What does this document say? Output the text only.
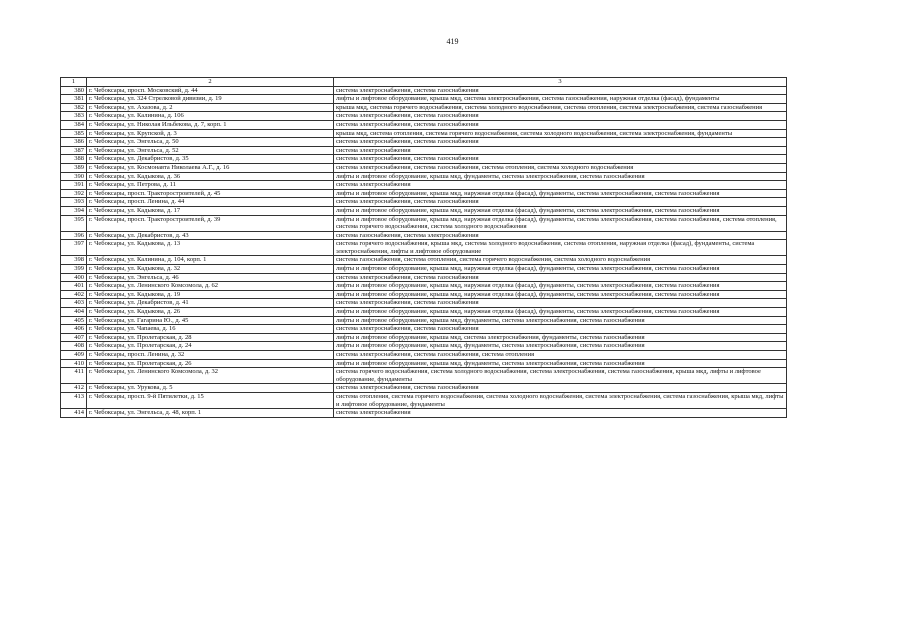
419
1	2	3
380	г. Чебоксары, просп. Московский, д. 44	система электроснабжения, система газоснабжения
381	г. Чебоксары, ул. 324 Стрелковой дивизии, д. 19	лифты и лифтовое оборудование, крыша мкд, система электроснабжения, система газоснабжения, наружная отделка (фасад), фундаменты
382	г. Чебоксары, ул. Ахазова, д. 2	крыша мкд, система горячего водоснабжения, система холодного водоснабжения, система отопления, система электроснабжения, система газоснабжения
383	г. Чебоксары, ул. Калинина, д. 106	система электроснабжения, система газоснабжения
384	г. Чебоксары, ул. Николая Ильбекова, д. 7, корп. 1	система электроснабжения, система газоснабжения
385	г. Чебоксары, ул. Крупской, д. 3	крыша мкд, система отопления, система горячего водоснабжения, система холодного водоснабжения, система электроснабжения, фундаменты
386	г. Чебоксары, ул. Энгельса, д. 50	система электроснабжения, система газоснабжения
387	г. Чебоксары, ул. Энгельса, д. 52	система электроснабжения
388	г. Чебоксары, ул. Декабристов, д. 35	система электроснабжения, система газоснабжения
389	г. Чебоксары, ул. Космонавта Николаева А.Г., д. 16	система электроснабжения, система газоснабжения, система отопления, система холодного водоснабжения
390	г. Чебоксары, ул. Кадыкова, д. 36	лифты и лифтовое оборудование, крыша мкд, фундаменты, система электроснабжения, система газоснабжения
391	г. Чебоксары, ул. Петрова, д. 11	система электроснабжения
392	г. Чебоксары, просп. Тракторостроителей, д. 45	лифты и лифтовое оборудование, крыша мкд, наружная отделка (фасад), фундаменты, система электроснабжения, система газоснабжения
393	г. Чебоксары, просп. Ленина, д. 44	система электроснабжения, система газоснабжения
394	г. Чебоксары, ул. Кадыкова, д. 17	лифты и лифтовое оборудование, крыша мкд, наружная отделка (фасад), фундаменты, система электроснабжения, система газоснабжения
395	г. Чебоксары, просп. Тракторостроителей, д. 39	лифты и лифтовое оборудование, крыша мкд, наружная отделка (фасад), фундаменты, система электроснабжения, система газоснабжения, система отопления, система горячего водоснабжения, система холодного водоснабжения
396	г. Чебоксары, ул. Декабристов, д. 43	система газоснабжения, система электроснабжения
397	г. Чебоксары, ул. Кадыкова, д. 13	система горячего водоснабжения, крыша мкд, система холодного водоснабжения, система отопления, наружная отделка (фасад), фундаменты, система электроснабжения, лифты и лифтовое оборудование
398	г. Чебоксары, ул. Калинина, д. 104, корп. 1	система газоснабжения, система отопления, система горячего водоснабжения, система холодного водоснабжения
399	г. Чебоксары, ул. Кадыкова, д. 32	лифты и лифтовое оборудование, крыша мкд, наружная отделка (фасад), фундаменты, система электроснабжения, система газоснабжения
400	г. Чебоксары, ул. Энгельса, д. 46	система электроснабжения, система газоснабжения
401	г. Чебоксары, ул. Ленинского Комсомола, д. 62	лифты и лифтовое оборудование, крыша мкд, наружная отделка (фасад), фундаменты, система электроснабжения, система газоснабжения
402	г. Чебоксары, ул. Кадыкова, д. 19	лифты и лифтовое оборудование, крыша мкд, наружная отделка (фасад), фундаменты, система электроснабжения, система газоснабжения
403	г. Чебоксары, ул. Декабристов, д. 41	система электроснабжения, система газоснабжения
404	г. Чебоксары, ул. Кадыкова, д. 26	лифты и лифтовое оборудование, крыша мкд, наружная отделка (фасад), фундаменты, система электроснабжения, система газоснабжения
405	г. Чебоксары, ул. Гагарина Ю., д. 45	лифты и лифтовое оборудование, крыша мкд, фундаменты, система электроснабжения, система газоснабжения
406	г. Чебоксары, ул. Чапаева, д. 16	система электроснабжения, система газоснабжения
407	г. Чебоксары, ул. Пролетарская, д. 28	лифты и лифтовое оборудование, крыша мкд, система электроснабжения, фундаменты, система газоснабжения
408	г. Чебоксары, ул. Пролетарская, д. 24	лифты и лифтовое оборудование, крыша мкд, фундаменты, система электроснабжения, система газоснабжения
409	г. Чебоксары, просп. Ленина, д. 32	система электроснабжения, система газоснабжения, система отопления
410	г. Чебоксары, ул. Пролетарская, д. 26	лифты и лифтовое оборудование, крыша мкд, фундаменты, система электроснабжения, система газоснабжения
411	г. Чебоксары, ул. Ленинского Комсомола, д. 32	система горячего водоснабжения, система холодного водоснабжения, система электроснабжения, система газоснабжения, крыша мкд, лифты и лифтовое оборудование, фундаменты
412	г. Чебоксары, ул. Урукова, д. 5	система электроснабжения, система газоснабжения
413	г. Чебоксары, просп. 9-й Пятилетки, д. 15	система отопления, система горячего водоснабжения, система холодного водоснабжения, система электроснабжения, система газоснабжения, крыша мкд, лифты и лифтовое оборудование, фундаменты
414	г. Чебоксары, ул. Энгельса, д. 48, корп. 1	система электроснабжения
